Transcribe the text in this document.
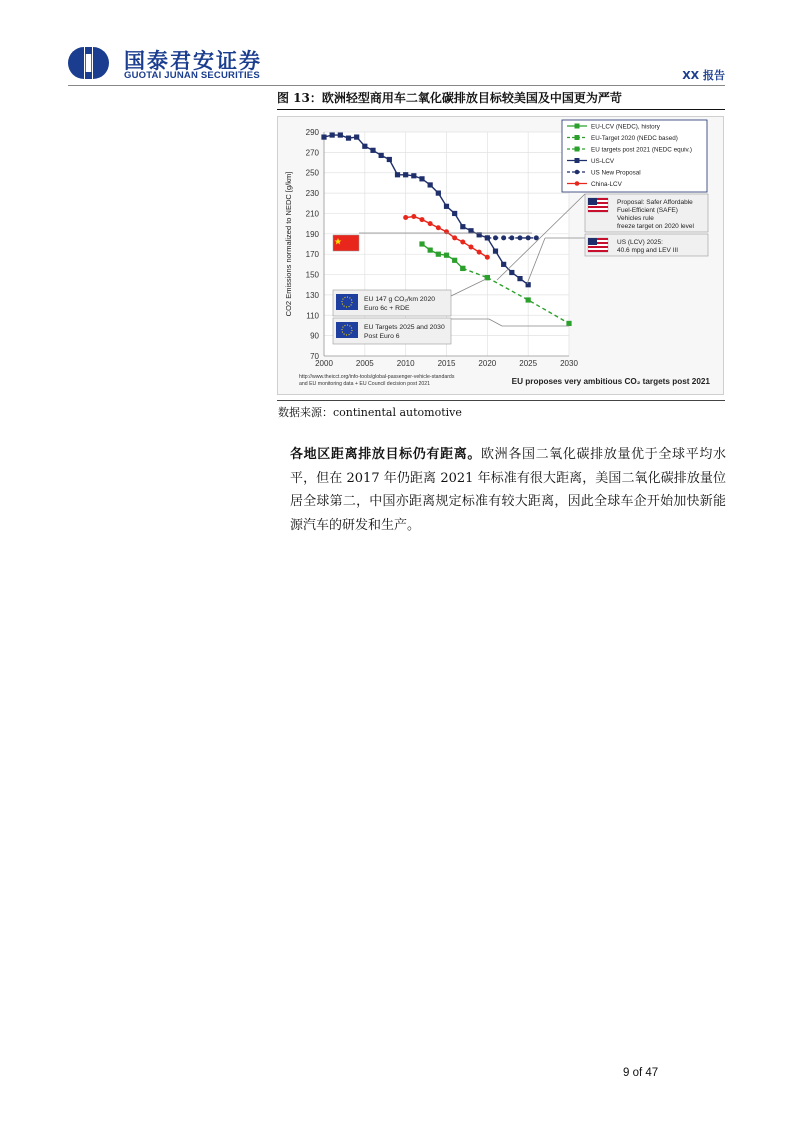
国泰君安证券
GUOTAI JUNAN SECURITIES	XX 报告
图 13：欧洲轻型商用车二氧化碳排放目标较美国及中国更为严苛
70
90
110
130
150
170
190
210
230
250
270
290
2000	2005	2010	2015	2020	2025	2030
CO2 Emissions normalized to NEDC [g/km]
EU-LCV (NEDC), history
EU-Target 2020 (NEDC based)
EU targets post 2021 (NEDC equiv.)
US-LCV
US New Proposal
China-LCV
Proposal: Safer Affordable
Fuel-Efficient (SAFE)
Vehicles rule
freeze target on 2020 level
US (LCV) 2025:
40.6 mpg and LEV III
EU 147 g CO₂/km 2020
Euro 6c + RDE
EU Targets 2025 and 2030
Post Euro 6
http://www.theicct.org/info-tools/global-passenger-vehicle-standards
and EU monitoring data + EU Council decision post 2021	EU proposes very ambitious CO₂ targets post 2021
数据来源：continental automotive
各地区距离排放目标仍有距离。欧洲各国二氧化碳排放量优于全球平均水平，但在 2017 年仍距离 2021 年标准有很大距离，美国二氧化碳排放量位居全球第二，中国亦距离规定标准有较大距离，因此全球车企开始加快新能源汽车的研发和生产。
9 of 47
